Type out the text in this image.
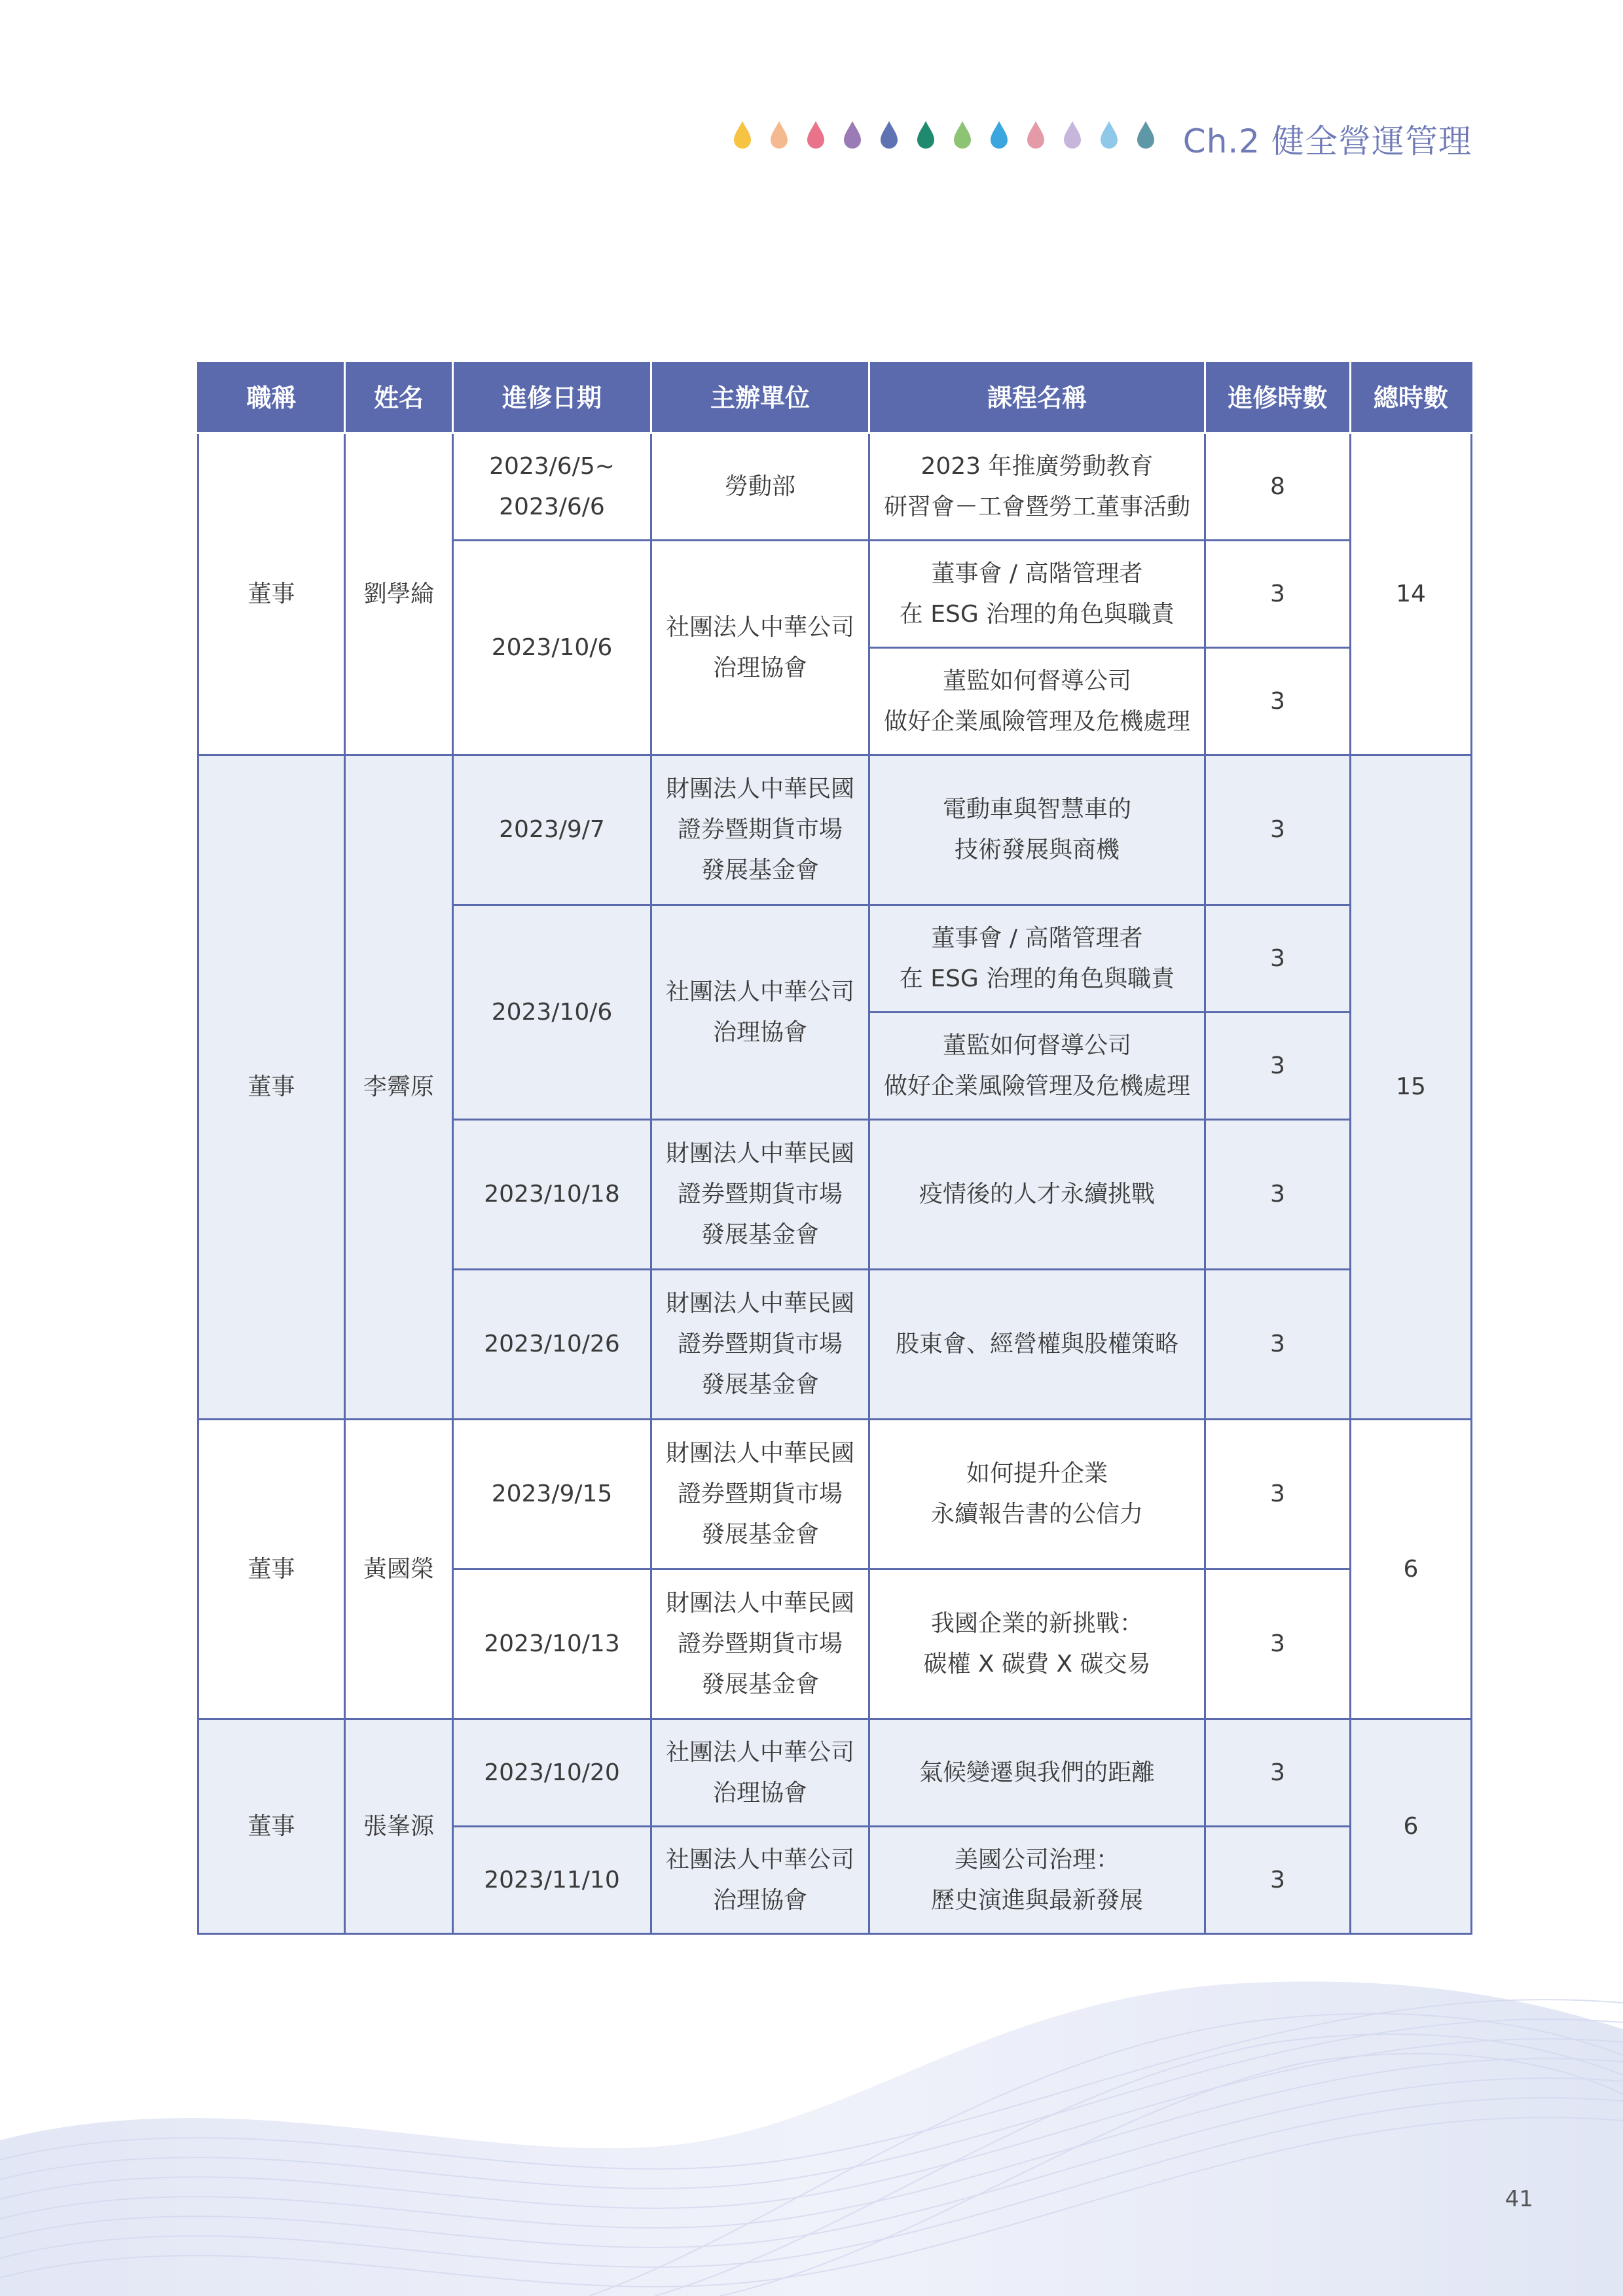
Ch.2 健全營運管理
職稱	姓名	進修日期	主辦單位	課程名稱	進修時數	總時數

董事	劉學綸	2023/6/5~
2023/6/6	勞動部	2023 年推廣勞動教育
研習會－工會暨勞工董事活動	8	14

		2023/10/6	社團法人中華公司
治理協會	董事會 / 高階管理者
在 ESG 治理的角色與職責	3	

				董監如何督導公司
做好企業風險管理及危機處理	3	

董事	李霽原	2023/9/7	財團法人中華民國
證券暨期貨市場
發展基金會	電動車與智慧車的
技術發展與商機	3	15

		2023/10/6	社團法人中華公司
治理協會	董事會 / 高階管理者
在 ESG 治理的角色與職責	3	

				董監如何督導公司
做好企業風險管理及危機處理	3	

		2023/10/18	財團法人中華民國
證券暨期貨市場
發展基金會	疫情後的人才永續挑戰	3	

		2023/10/26	財團法人中華民國
證券暨期貨市場
發展基金會	股東會、經營權與股權策略	3	

董事	黃國榮	2023/9/15	財團法人中華民國
證券暨期貨市場
發展基金會	如何提升企業
永續報告書的公信力	3	6

		2023/10/13	財團法人中華民國
證券暨期貨市場
發展基金會	我國企業的新挑戰：
碳權 X 碳費 X 碳交易	3	

董事	張峯源	2023/10/20	社團法人中華公司
治理協會	氣候變遷與我們的距離	3	6

		2023/11/10	社團法人中華公司
治理協會	美國公司治理：
歷史演進與最新發展	3	
41
